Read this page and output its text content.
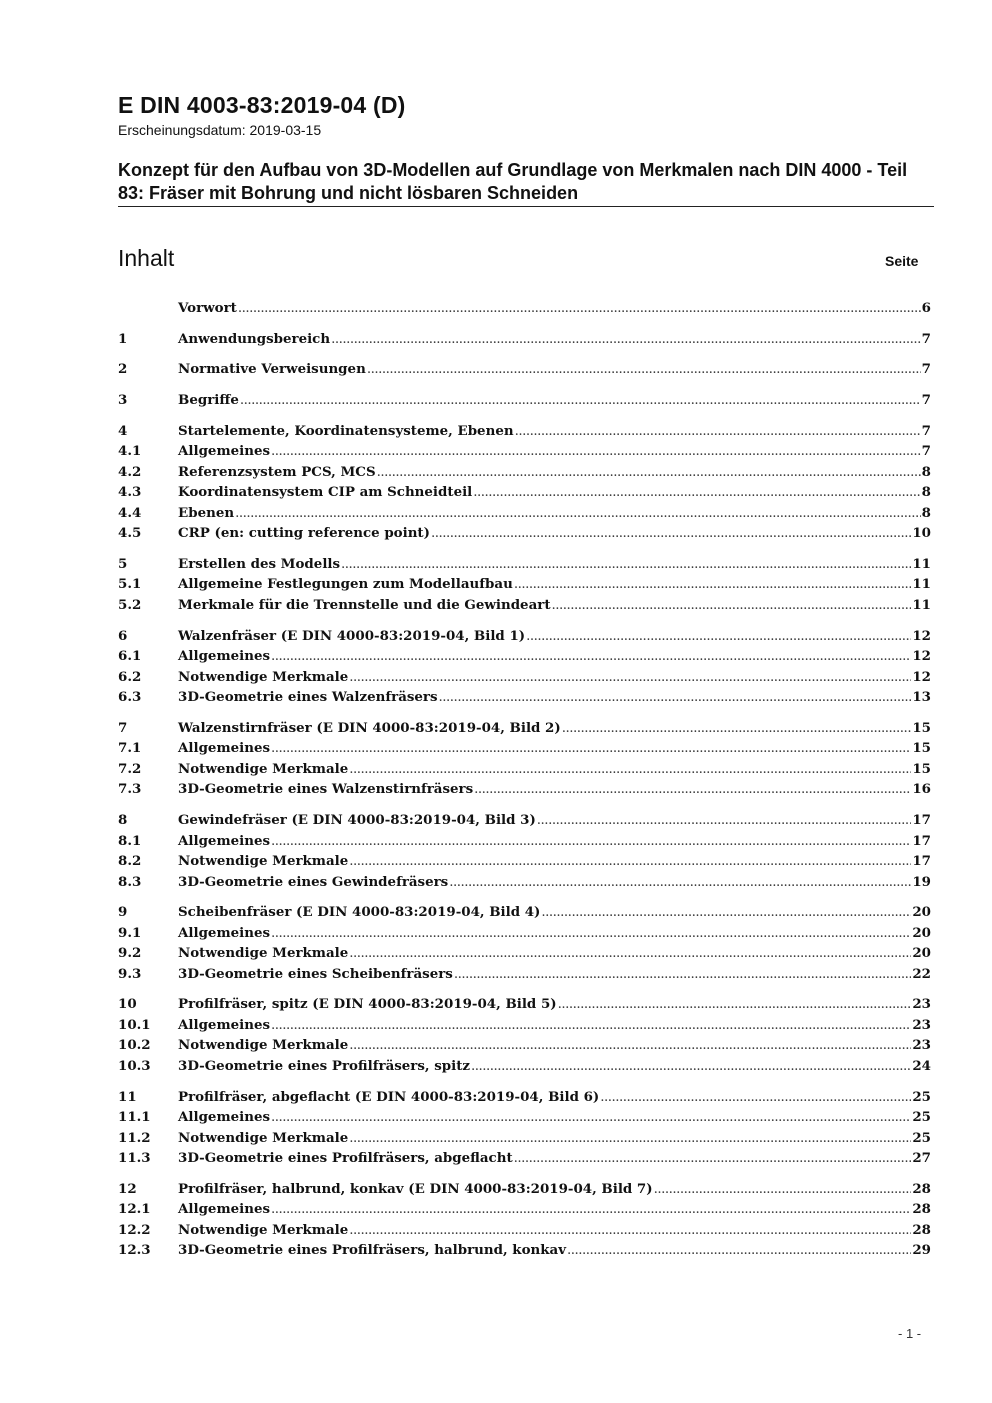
E DIN 4003-83:2019-04 (D)
Erscheinungsdatum: 2019-03-15
Konzept für den Aufbau von 3D-Modellen auf Grundlage von Merkmalen nach DIN 4000 - Teil 83: Fräser mit Bohrung und nicht lösbaren Schneiden
Inhalt	Seite
Vorwort .....	6
1	Anwendungsbereich .....	7
2	Normative Verweisungen .....	7
3	Begriffe .....	7
4	Startelemente, Koordinatensysteme, Ebenen .....	7
4.1	Allgemeines .....	7
4.2	Referenzsystem PCS, MCS .....	8
4.3	Koordinatensystem CIP am Schneidteil .....	8
4.4	Ebenen .....	8
4.5	CRP (en: cutting reference point) .....	10
5	Erstellen des Modells .....	11
5.1	Allgemeine Festlegungen zum Modellaufbau .....	11
5.2	Merkmale für die Trennstelle und die Gewindeart .....	11
6	Walzenfräser (E DIN 4000-83:2019-04, Bild 1) .....	12
6.1	Allgemeines .....	12
6.2	Notwendige Merkmale .....	12
6.3	3D-Geometrie eines Walzenfräsers .....	13
7	Walzenstirnfräser (E DIN 4000-83:2019-04, Bild 2) .....	15
7.1	Allgemeines .....	15
7.2	Notwendige Merkmale .....	15
7.3	3D-Geometrie eines Walzenstirnfräsers .....	16
8	Gewindefräser (E DIN 4000-83:2019-04, Bild 3) .....	17
8.1	Allgemeines .....	17
8.2	Notwendige Merkmale .....	17
8.3	3D-Geometrie eines Gewindefräsers .....	19
9	Scheibenfräser (E DIN 4000-83:2019-04, Bild 4) .....	20
9.1	Allgemeines .....	20
9.2	Notwendige Merkmale .....	20
9.3	3D-Geometrie eines Scheibenfräsers .....	22
10	Profilfräser, spitz (E DIN 4000-83:2019-04, Bild 5) .....	23
10.1	Allgemeines .....	23
10.2	Notwendige Merkmale .....	23
10.3	3D-Geometrie eines Profilfräsers, spitz .....	24
11	Profilfräser, abgeflacht (E DIN 4000-83:2019-04, Bild 6) .....	25
11.1	Allgemeines .....	25
11.2	Notwendige Merkmale .....	25
11.3	3D-Geometrie eines Profilfräsers, abgeflacht .....	27
12	Profilfräser, halbrund, konkav (E DIN 4000-83:2019-04, Bild 7) .....	28
12.1	Allgemeines .....	28
12.2	Notwendige Merkmale .....	28
12.3	3D-Geometrie eines Profilfräsers, halbrund, konkav .....	29
- 1 -
